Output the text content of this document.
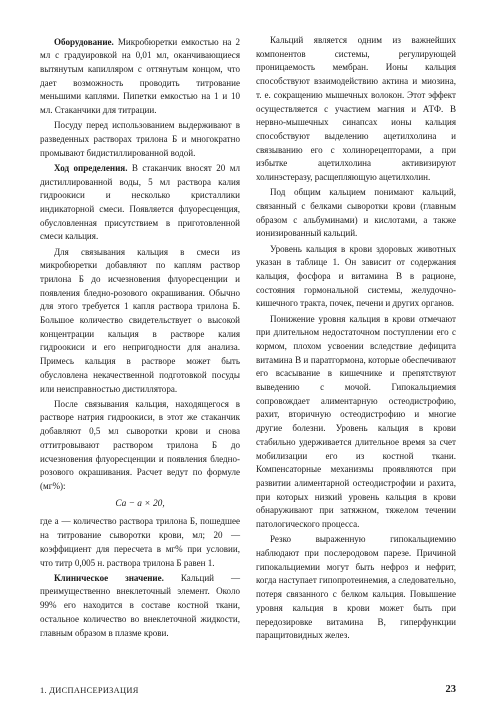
Оборудование. Микробюретки емкостью на 2 мл с градуировкой на 0,01 мл, оканчивающиеся вытянутым капилляром с оттянутым концом, что дает возможность проводить титрование меньшими каплями. Пипетки емкостью на 1 и 10 мл. Стаканчики для титрации.

Посуду перед использованием выдерживают в разведенных растворах трилона Б и многократно промывают бидистиллированной водой.

Ход определения. В стаканчик вносят 20 мл дистиллированной воды, 5 мл раствора калия гидроокиси и несколько кристаллики индикаторной смеси. Появляется флуоресценция, обусловленная присутствием в приготовленной смеси кальция.

Для связывания кальция в смеси из микробюретки добавляют по каплям раствор трилона Б до исчезновения флуоресценции и появления бледно-розового окрашивания. Обычно для этого требуется 1 капля раствора трилона Б. Большое количество свидетельствует о высокой концентрации кальция в растворе калия гидроокиси и его непригодности для анализа. Примесь кальция в растворе может быть обусловлена некачественной подготовкой посуды или неисправностью дистиллятора.

После связывания кальция, находящегося в растворе натрия гидроокиси, в этот же стаканчик добавляют 0,5 мл сыворотки крови и снова оттитровывают раствором трилона Б до исчезновения флуоресценции и появления бледно-розового окрашивания. Расчет ведут по формуле (мг%):

Ca − a × 20,

где а — количество раствора трилона Б, пошедшее на титрование сыворотки крови, мл; 20 — коэффициент для пересчета в мг% при условии, что титр 0,005 н. раствора трилона Б равен 1.

Клиническое значение. Кальций — преимущественно внеклеточный элемент. Около 99% его находится в составе костной ткани, остальное количество во внеклеточной жидкости, главным образом в плазме крови.

Кальций является одним из важнейших компонентов системы, регулирующей проницаемость мембран. Ионы кальция способствуют взаимодействию актина и миозина, т. е. сокращению мышечных волокон. Этот эффект осуществляется с участием магния и АТФ. В нервно-мышечных синапсах ионы кальция способствуют выделению ацетилхолина и связыванию его с холинорецепторами, а при избытке ацетилхолина активизируют холинэстеразу, расщепляющую ацетилхолин.

Под общим кальцием понимают кальций, связанный с белками сыворотки крови (главным образом с альбуминами) и кислотами, а также ионизированный кальций.

Уровень кальция в крови здоровых животных указан в таблице 1. Он зависит от содержания кальция, фосфора и витамина В в рационе, состояния гормональной системы, желудочно-кишечного тракта, почек, печени и других органов.

Понижение уровня кальция в крови отмечают при длительном недостаточном поступлении его с кормом, плохом усвоении вследствие дефицита витамина В и паратгормона, которые обеспечивают его всасывание в кишечнике и препятствуют выведению с мочой. Гипокальциемия сопровождает алиментарную остеодистрофию, рахит, вторичную остеодистрофию и многие другие болезни. Уровень кальция в крови стабильно удерживается длительное время за счет мобилизации его из костной ткани. Компенсаторные механизмы проявляются при развитии алиментарной остеодистрофии и рахита, при которых низкий уровень кальция в крови обнаруживают при затяжном, тяжелом течении патологического процесса.

Резко выраженную гипокальциемию наблюдают при послеродовом парезе. Причиной гипокальциемии могут быть нефроз и нефрит, когда наступает гипопротеинемия, а следовательно, потеря связанного с белком кальция. Повышение уровня кальция в крови может быть при передозировке витамина В, гиперфункции паращитовидных желез.

1. ДИСПАНСЕРИЗАЦИЯ	23
